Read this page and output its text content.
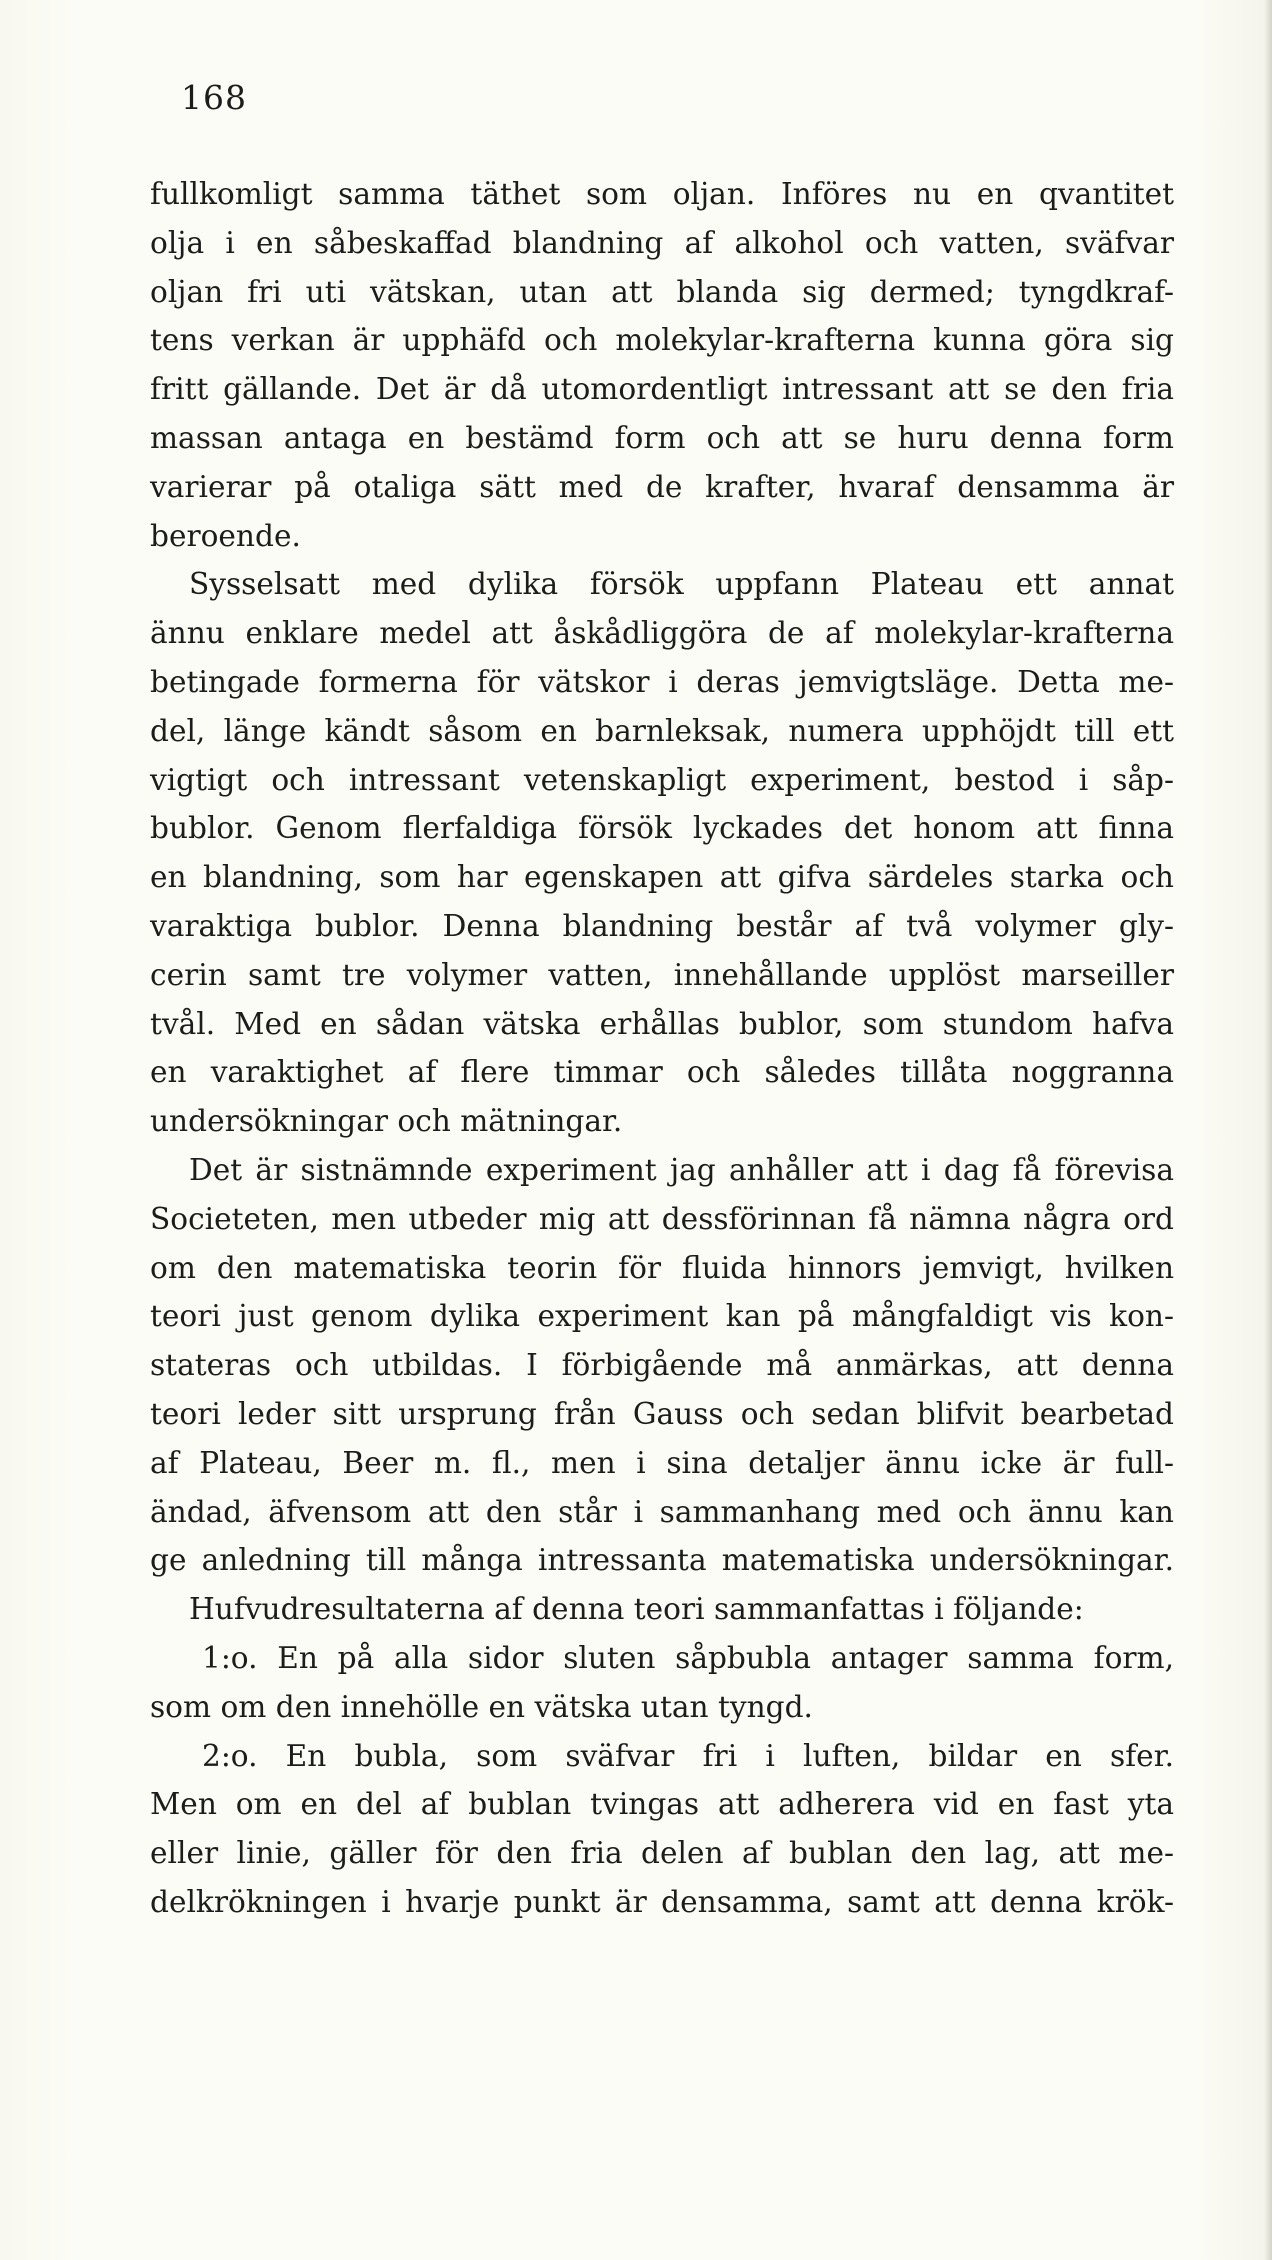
168
fullkomligt samma täthet som oljan. Införes nu en qvantitet
olja i en såbeskaffad blandning af alkohol och vatten, sväfvar
oljan fri uti vätskan, utan att blanda sig dermed; tyngdkraf-
tens verkan är upphäfd och molekylar-krafterna kunna göra sig
fritt gällande. Det är då utomordentligt intressant att se den fria
massan antaga en bestämd form och att se huru denna form
varierar på otaliga sätt med de krafter, hvaraf densamma är
beroende.
Sysselsatt med dylika försök uppfann Plateau ett annat
ännu enklare medel att åskådliggöra de af molekylar-krafterna
betingade formerna för vätskor i deras jemvigtsläge. Detta me-
del, länge kändt såsom en barnleksak, numera upphöjdt till ett
vigtigt och intressant vetenskapligt experiment, bestod i såp-
bublor. Genom flerfaldiga försök lyckades det honom att finna
en blandning, som har egenskapen att gifva särdeles starka och
varaktiga bublor. Denna blandning består af två volymer gly-
cerin samt tre volymer vatten, innehållande upplöst marseiller
tvål. Med en sådan vätska erhållas bublor, som stundom hafva
en varaktighet af flere timmar och således tillåta noggranna
undersökningar och mätningar.
Det är sistnämnde experiment jag anhåller att i dag få förevisa
Societeten, men utbeder mig att dessförinnan få nämna några ord
om den matematiska teorin för fluida hinnors jemvigt, hvilken
teori just genom dylika experiment kan på mångfaldigt vis kon-
stateras och utbildas. I förbigående må anmärkas, att denna
teori leder sitt ursprung från Gauss och sedan blifvit bearbetad
af Plateau, Beer m. fl., men i sina detaljer ännu icke är full-
ändad, äfvensom att den står i sammanhang med och ännu kan
ge anledning till många intressanta matematiska undersökningar.
Hufvudresultaterna af denna teori sammanfattas i följande:
1:o. En på alla sidor sluten såpbubla antager samma form,
som om den innehölle en vätska utan tyngd.
2:o. En bubla, som sväfvar fri i luften, bildar en sfer.
Men om en del af bublan tvingas att adherera vid en fast yta
eller linie, gäller för den fria delen af bublan den lag, att me-
delkrökningen i hvarje punkt är densamma, samt att denna krök-
